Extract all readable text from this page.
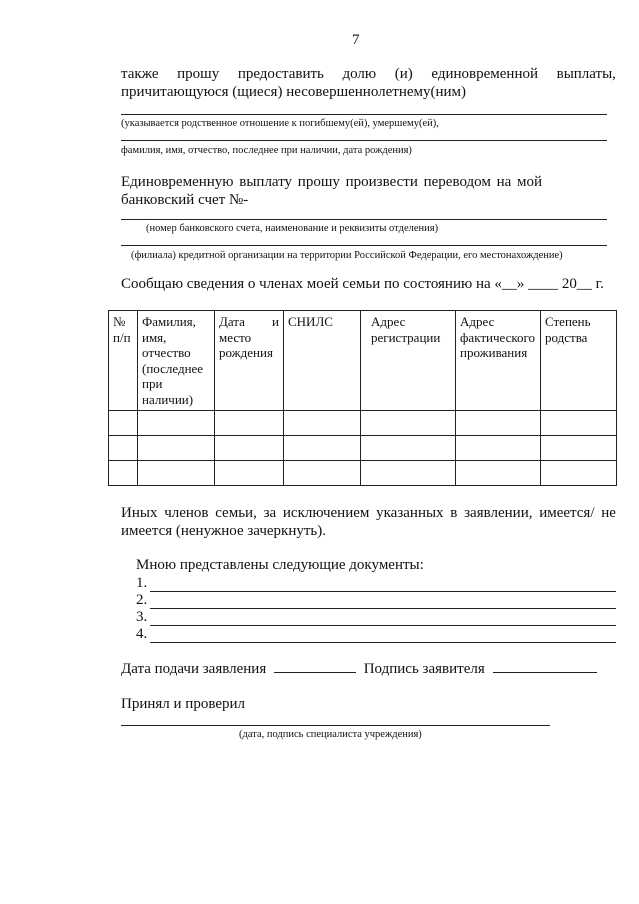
7
также прошу предоставить долю (и) единовременной выплаты,
причитающуюся (щиеся) несовершеннолетнему(ним)
(указывается родственное отношение к погибшему(ей), умершему(ей),
фамилия, имя, отчество, последнее при наличии, дата рождения)
Единовременную выплату прошу произвести переводом на мой
банковский счет №-
(номер банковского счета, наименование и реквизиты отделения)
(филиала) кредитной организации на территории Российской Федерации, его местонахождение)
Сообщаю сведения о членах моей семьи по состоянию на «__» ____ 20__ г.
№ п/п	Фамилия, имя, отчество (последнее при наличии)	Дата и место рождения	СНИЛС	Адрес регистрации	Адрес фактического проживания	Степень родства

Иных членов семьи, за исключением указанных в заявлении, имеется/ не
имеется (ненужное зачеркнуть).
Мною представлены следующие документы:
1.
2.
3.
4.
Дата подачи заявления	Подпись заявителя
Принял и проверил
(дата, подпись специалиста учреждения)
